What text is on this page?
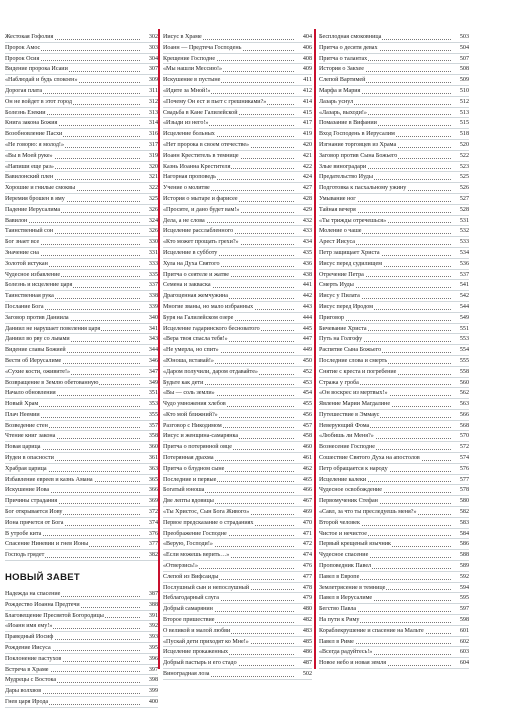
Жестокая Гофолия	302
Пророк Амос	303
Пророк Осия	304
Видение пророка Исаии	307
«Наблюдай и будь спокоен»	309
Дорогая плата	311
Он не войдет в этот город	312
Болезнь Езекии	313
Книга закона Божия	314
Возобновление Пасхи	316
«Не говорю: я молод!»	317
«Вы в Моей руке»	319
«Напиши еще раз»	320
Вавилонский плен	321
Хорошие и гнилые смоквы	322
Иеремия брошен в яму	325
Падение Иерусалима	326
Вавилон	324
Таинственный сон	326
Бог знает все	330
Значение сна	331
Золотой истукан	333
Чудесное избавление	335
Болезнь и исцеление царя	337
Таинственная рука	338
Послание Бога	339
Заговор против Даниила	340
Даниил не нарушает повеления царя	341
Даниил во рву со львами	343
Видение славы Божией	344
Вести об Иерусалиме	346
«Сухие кости, оживите!»	347
Возвращение в Землю обетованную	349
Начало обновления	351
Новый Храм	353
Плач Неемии	355
Возведение стен	357
Чтение книг закона	358
Новая царица	360
Иудеи в опасности	361
Храбрая царица	363
Избавление евреев и казнь Амана	365
Искушение Иова	366
Причины страдания	369
Бог открывается Иову	372
Иона прячется от Бога	374
В утробе кита	376
Спасение Ниневии и гнев Ионы	377
Господь грядет	382
НОВЫЙ ЗАВЕТ
Надежда на спасение	387
Рождество Иоанна Предтечи	388
Благовещение Пресвятой Богородицы	391
«Иоанн имя ему!»	392
Праведный Иосиф	393
Рождение Иисуса	395
Поклонение пастухов	396
Встреча в Храме	397
Мудрецы с Востока	398
Дары волхвов	399
Гнев царя Ирода	400
Иисус в Храме	404
Иоанн — Предтеча Господень	406
Крещение Господне	408
«Мы нашли Мессию!»	409
Искушение в пустыне	411
«Идите за Мной!»	412
«Почему Он ест и пьет с грешниками?»	414
Свадьба в Кане Галилейской	415
«Изыди из него!»	417
Исцеление больных	419
«Нет пророка в своем отечестве»	420
Иоанн Креститель в темнице	421
Казнь Иоанна Крестителя	422
Нагорная проповедь	424
Учение о молитве	427
История о мытаре и фарисее	428
«Просите, и дано будет вам!»	429
Дела, а не слова	432
Исцеление расслабленного	433
«Кто может прощать грехи?»	434
Исцеление в субботу	435
Хула на Духа Святого	436
Притча о сеятеле и жатве	438
Семена и закваска	441
Драгоценная жемчужина	442
Многие званы, но мало избранных	443
Буря на Галилейском озере	444
Исцеление гадаринского бесноватого	445
«Вера твоя спасла тебя!»	447
«Не умерла, но спит»	449
«Юноша, вставай!»	450
«Даром получили, даром отдавайте»	452
Будьте как дети	453
«Вы — соль земли»	454
Чудо умножения хлебов	455
«Кто мой ближний?»	456
Разговор с Никодимом	457
Иисус и женщина-самарянка	458
Притча о потерянной овце	460
Потерянная драхма	461
Притча о блудном сыне	462
Последние и первые	465
Богатый юноша	466
Две лепты вдовицы	467
«Ты Христос, Сын Бога Живого»	469
Первое предсказание о страданиях	470
Преображение Господне	471
«Верую, Господи!»	472
«Если можешь верить…»	474
«Отверзись!»	476
Слепой из Вифсаиды	477
Послушный сын и непослушный	478
Неблагодарный слуга	479
Добрый самарянин	480
Второе пришествие	482
О великой и малой любви	483
«Пускай дети приходят ко Мне!»	485
Исцеление прокаженных	486
Добрый пастырь и его стадо	487
Виноградная лоза	502
Бесплодная смоковница	503
Притча о десяти девах	504
Притча о талантах	507
История о Закхее	508
Слепой Вартимей	509
Марфа и Мария	510
Лазарь уснул	512
«Лазарь, выходи!»	513
Помазание в Вифании	515
Вход Господень в Иерусалим	518
Изгнание торговцев из Храма	520
Заговор против Сына Божьего	522
Злые виноградари	523
Предательство Иуды	525
Подготовка к пасхальному ужину	526
Умывание ног	527
Тайная вечеря	528
«Ты трижды отречешься»	531
Моление о чаше	532
Арест Иисуса	533
Петр защищает Христа	534
Иисус перед судилищем	536
Отречение Петра	537
Смерть Иуды	541
Иисус у Пилата	542
Иисус перед Иродом	544
Приговор	549
Бичевание Христа	551
Путь на Голгофу	553
Распятие Сына Божьего	554
Последние слова и смерть	555
Снятие с креста и погребение	558
Стража у гроба	560
«Он воскрес из мертвых!»	562
Явление Марии Магдалине	563
Путешествие в Эммаус	566
Неверующий Фома	568
«Любишь ли Меня?»	570
Вознесение Господне	572
Сошествие Святого Духа на апостолов	574
Петр обращается к народу	576
Исцеление калеки	577
Чудесное освобождение	578
Первомученик Стефан	580
«Савл, за что ты преследуешь меня?»	582
Второй человек	583
Чистое и нечистое	584
Первый крещеный язычник	586
Чудесное спасение	588
Проповедник Павел	589
Павел в Европе	592
Землетрясение в темнице	594
Павел в Иерусалиме	595
Бегство Павла	597
На пути к Риму	598
Кораблекрушение и спасение на Мальте	601
Павел в Риме	602
«Всегда радуйтесь!»	603
Новое небо и новая земля	604
